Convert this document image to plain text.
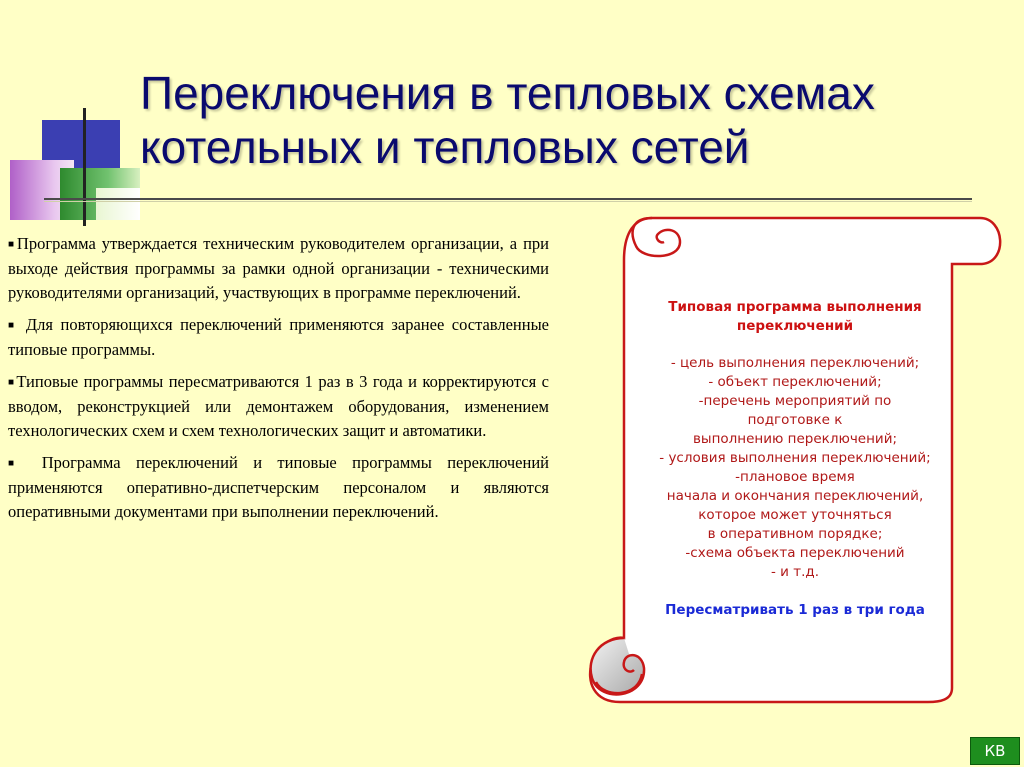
Переключения в тепловых схемах
котельных и тепловых сетей

■Программа утверждается техническим руководителем организации, а при выходе действия программы за рамки одной организации - техническими руководителями организаций, участвующих в программе переключений.

■ Для повторяющихся переключений применяются заранее составленные типовые программы.

■Типовые программы пересматриваются 1 раз в 3 года и корректируются с вводом, реконструкцией или демонтажем оборудования, изменением технологических схем и схем технологических защит и автоматики.

■ Программа переключений и типовые программы переключений применяются оперативно-диспетчерским персоналом и являются оперативными документами при выполнении переключений.

Типовая программа выполнения
переключений
- цель выполнения переключений;
- объект переключений;
-перечень мероприятий по
подготовке к
выполнению переключений;
- условия выполнения переключений;
-плановое время
начала и окончания переключений,
которое может уточняться
в оперативном порядке;
-схема объекта переключений
- и т.д.
Пересматривать 1 раз в три года
КВ
